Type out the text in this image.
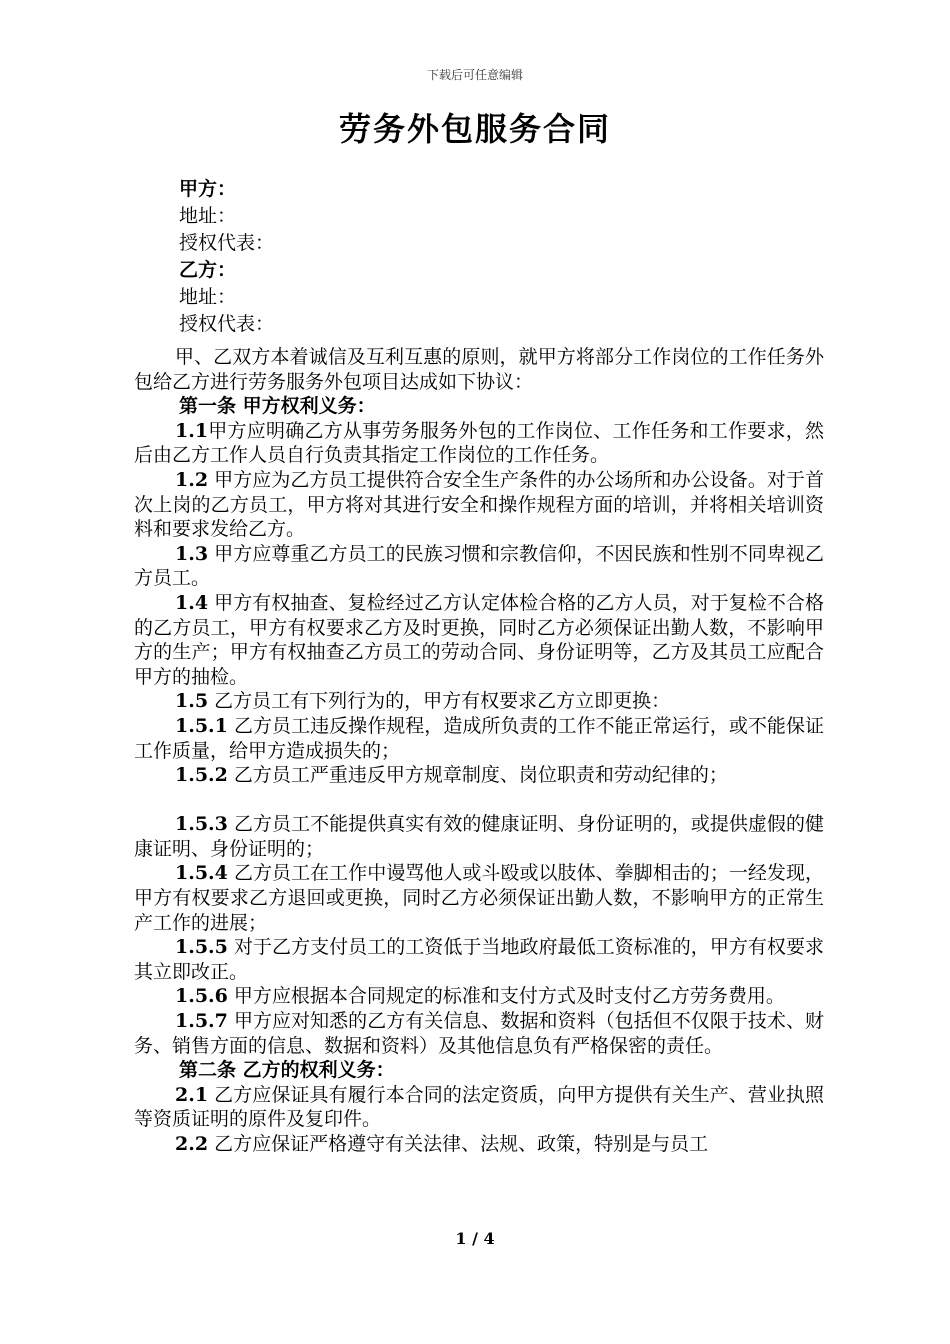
下载后可任意编辑
劳务外包服务合同
甲方：
地址：
授权代表：
乙方：
地址：
授权代表：

甲、乙双方本着诚信及互利互惠的原则，就甲方将部分工作岗位的工作任务外包给乙方进行劳务服务外包项目达成如下协议：

第一条 甲方权利义务：

1.1甲方应明确乙方从事劳务服务外包的工作岗位、工作任务和工作要求，然后由乙方工作人员自行负责其指定工作岗位的工作任务。

1.2 甲方应为乙方员工提供符合安全生产条件的办公场所和办公设备。对于首次上岗的乙方员工，甲方将对其进行安全和操作规程方面的培训，并将相关培训资料和要求发给乙方。

1.3 甲方应尊重乙方员工的民族习惯和宗教信仰，不因民族和性别不同卑视乙方员工。

1.4 甲方有权抽查、复检经过乙方认定体检合格的乙方人员，对于复检不合格的乙方员工，甲方有权要求乙方及时更换，同时乙方必须保证出勤人数，不影响甲方的生产；甲方有权抽查乙方员工的劳动合同、身份证明等，乙方及其员工应配合甲方的抽检。

1.5 乙方员工有下列行为的，甲方有权要求乙方立即更换：

1.5.1 乙方员工违反操作规程，造成所负责的工作不能正常运行，或不能保证工作质量，给甲方造成损失的；

1.5.2 乙方员工严重违反甲方规章制度、岗位职责和劳动纪律的；

1.5.3 乙方员工不能提供真实有效的健康证明、身份证明的，或提供虚假的健康证明、身份证明的；

1.5.4 乙方员工在工作中谩骂他人或斗殴或以肢体、拳脚相击的；一经发现，甲方有权要求乙方退回或更换，同时乙方必须保证出勤人数，不影响甲方的正常生产工作的进展；

1.5.5 对于乙方支付员工的工资低于当地政府最低工资标准的，甲方有权要求其立即改正。

1.5.6 甲方应根据本合同规定的标准和支付方式及时支付乙方劳务费用。

1.5.7 甲方应对知悉的乙方有关信息、数据和资料（包括但不仅限于技术、财务、销售方面的信息、数据和资料）及其他信息负有严格保密的责任。

第二条 乙方的权利义务：

2.1 乙方应保证具有履行本合同的法定资质，向甲方提供有关生产、营业执照等资质证明的原件及复印件。

2.2 乙方应保证严格遵守有关法律、法规、政策，特别是与员工

1 / 4
